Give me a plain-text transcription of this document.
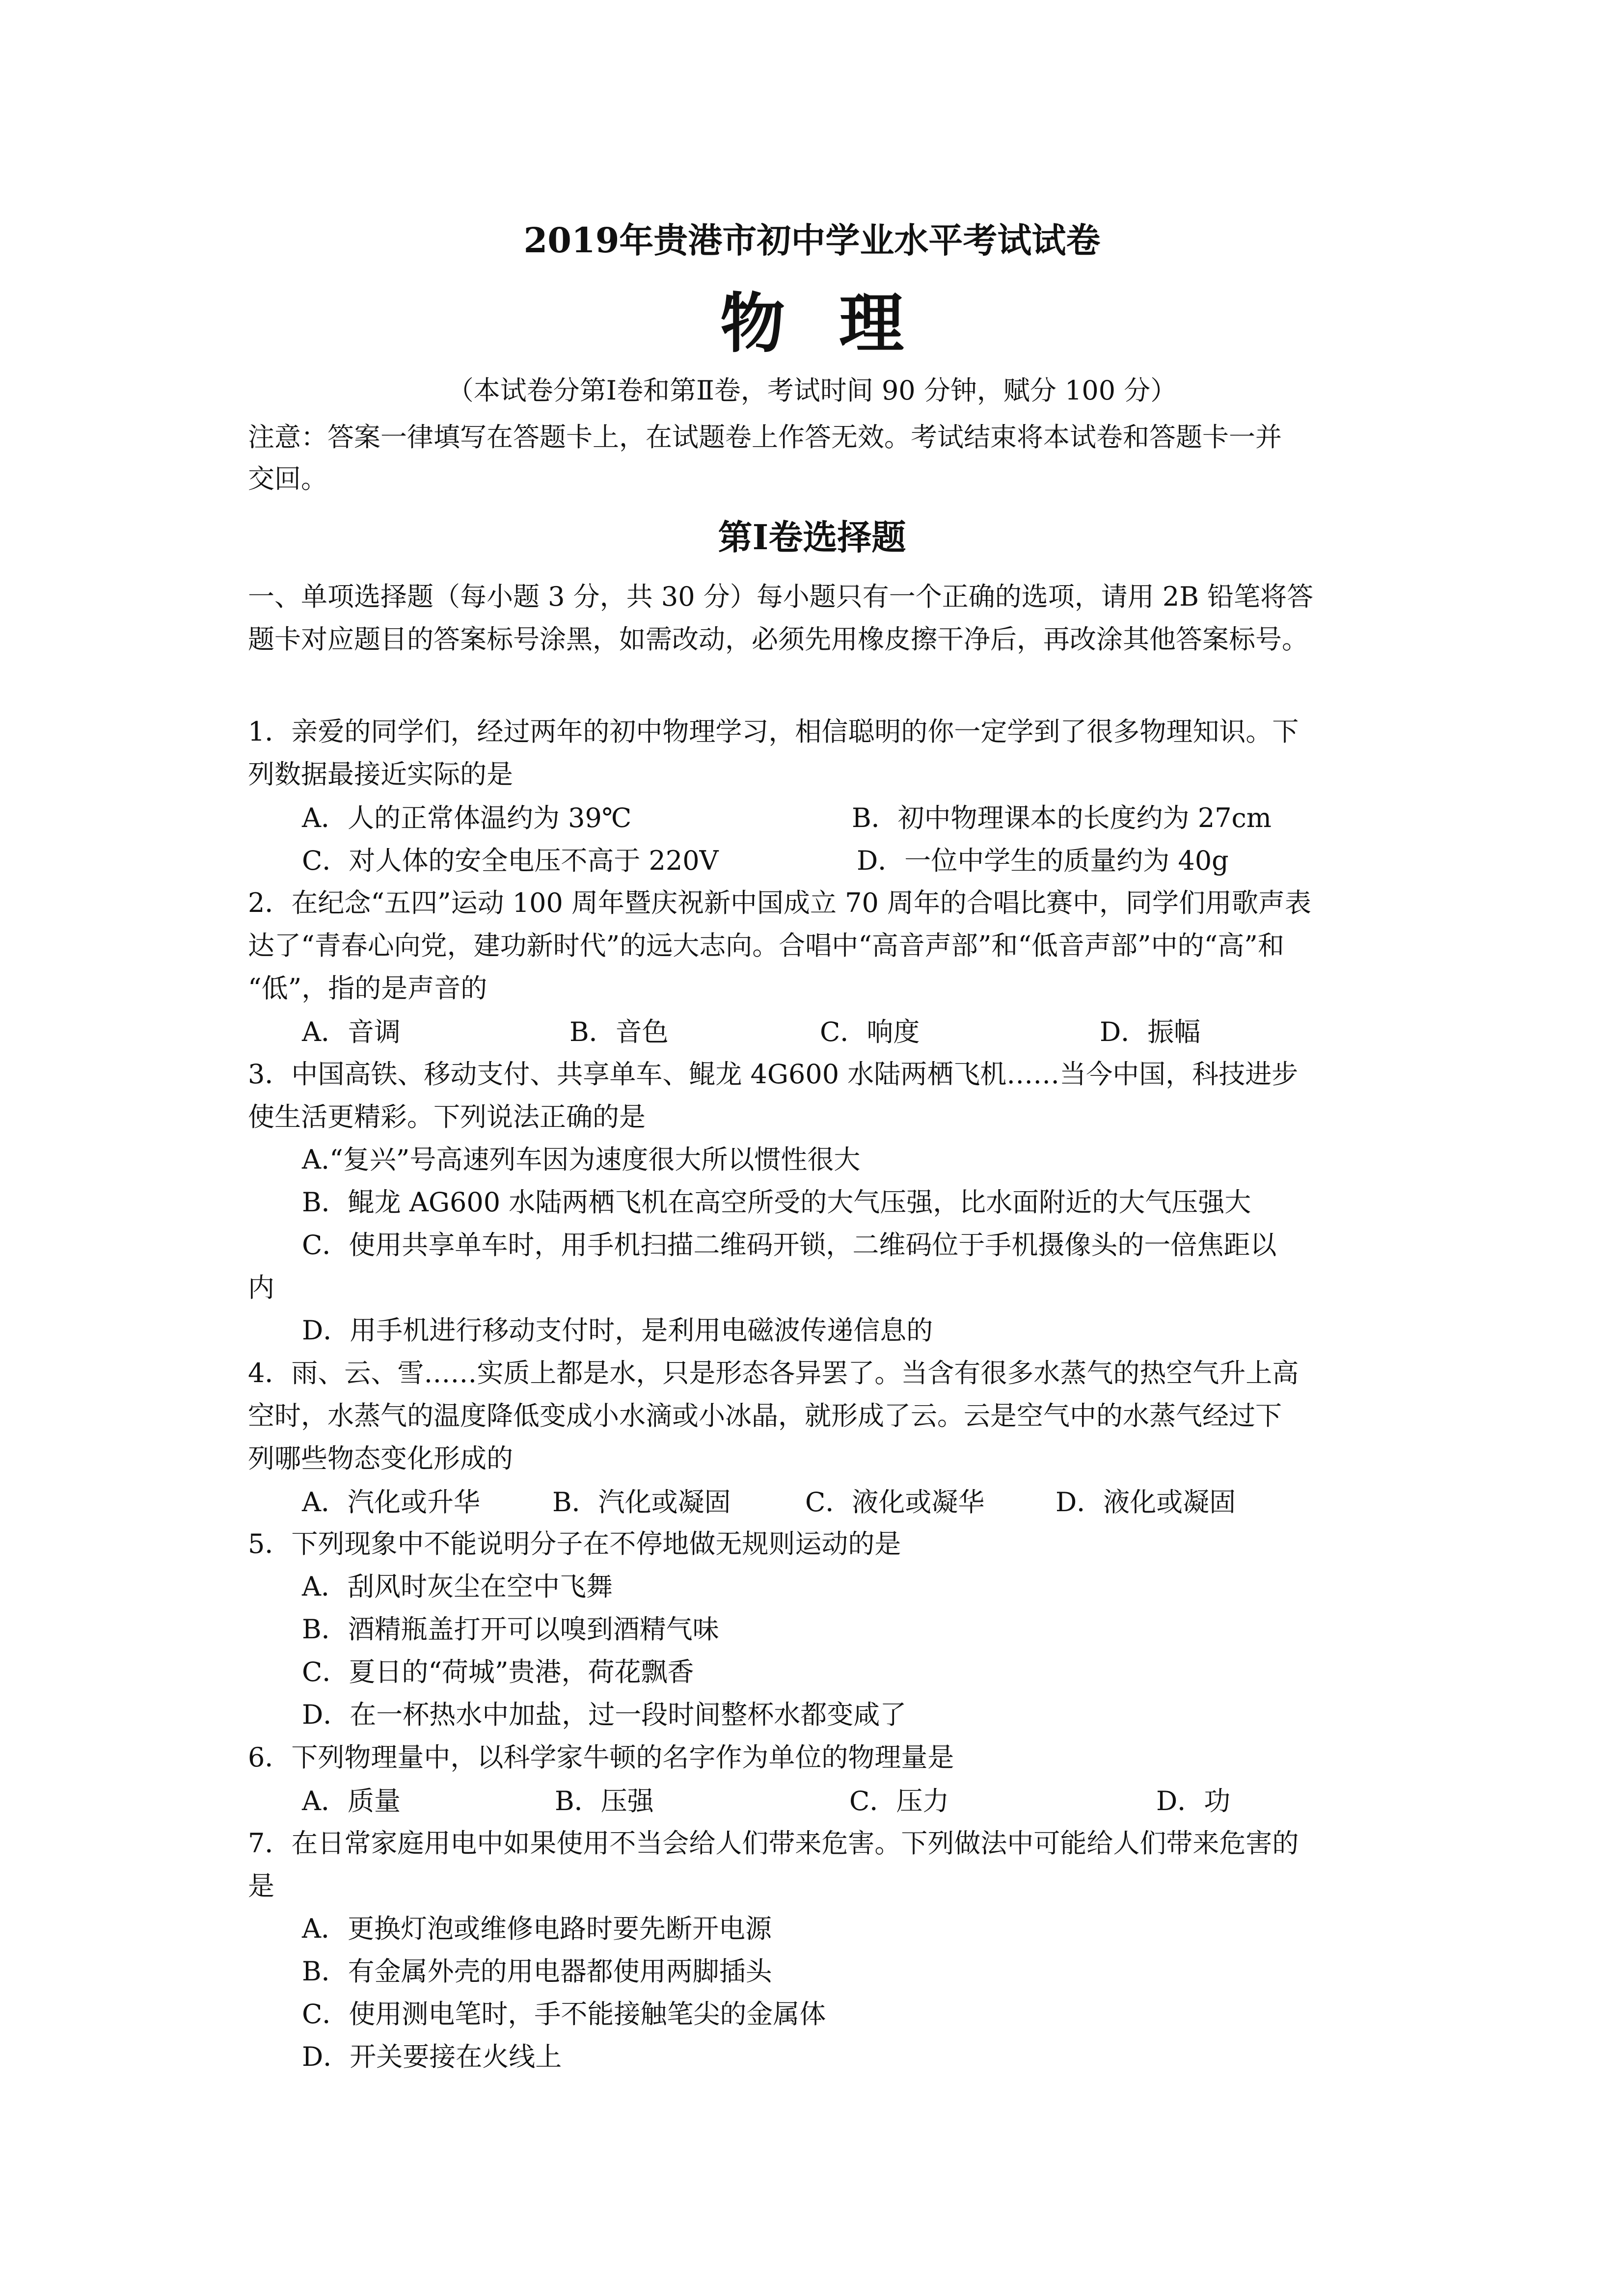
2019年贵港市初中学业水平考试试卷
物理
（本试卷分第Ⅰ卷和第Ⅱ卷，考试时间 90 分钟，赋分 100 分）
注意：答案一律填写在答题卡上，在试题卷上作答无效。考试结束将本试卷和答题卡一并
交回。
第Ⅰ卷选择题
一、单项选择题（每小题 3 分，共 30 分）每小题只有一个正确的选项，请用 2B 铅笔将答
题卡对应题目的答案标号涂黑，如需改动，必须先用橡皮擦干净后，再改涂其他答案标号。
1．亲爱的同学们，经过两年的初中物理学习，相信聪明的你一定学到了很多物理知识。下
列数据最接近实际的是
A．人的正常体温约为 39℃	B．初中物理课本的长度约为 27cm
C．对人体的安全电压不高于 220V	D．一位中学生的质量约为 40g
2．在纪念“五四”运动 100 周年暨庆祝新中国成立 70 周年的合唱比赛中，同学们用歌声表
达了“青春心向党，建功新时代”的远大志向。合唱中“高音声部”和“低音声部”中的“高”和
“低”，指的是声音的
A．音调	B．音色	C．响度	D．振幅
3．中国高铁、移动支付、共享单车、鲲龙 4G600 水陆两栖飞机……当今中国，科技进步
使生活更精彩。下列说法正确的是
A.“复兴”号高速列车因为速度很大所以惯性很大
B．鲲龙 AG600 水陆两栖飞机在高空所受的大气压强，比水面附近的大气压强大
C．使用共享单车时，用手机扫描二维码开锁，二维码位于手机摄像头的一倍焦距以
内
D．用手机进行移动支付时，是利用电磁波传递信息的
4．雨、云、雪……实质上都是水，只是形态各异罢了。当含有很多水蒸气的热空气升上高
空时，水蒸气的温度降低变成小水滴或小冰晶，就形成了云。云是空气中的水蒸气经过下
列哪些物态变化形成的
A．汽化或升华	B．汽化或凝固	C．液化或凝华	D．液化或凝固
5．下列现象中不能说明分子在不停地做无规则运动的是
A．刮风时灰尘在空中飞舞
B．酒精瓶盖打开可以嗅到酒精气味
C．夏日的“荷城”贵港，荷花飘香
D．在一杯热水中加盐，过一段时间整杯水都变咸了
6．下列物理量中，以科学家牛顿的名字作为单位的物理量是
A．质量	B．压强	C．压力	D．功
7．在日常家庭用电中如果使用不当会给人们带来危害。下列做法中可能给人们带来危害的
是
A．更换灯泡或维修电路时要先断开电源
B．有金属外壳的用电器都使用两脚插头
C．使用测电笔时，手不能接触笔尖的金属体
D．开关要接在火线上
